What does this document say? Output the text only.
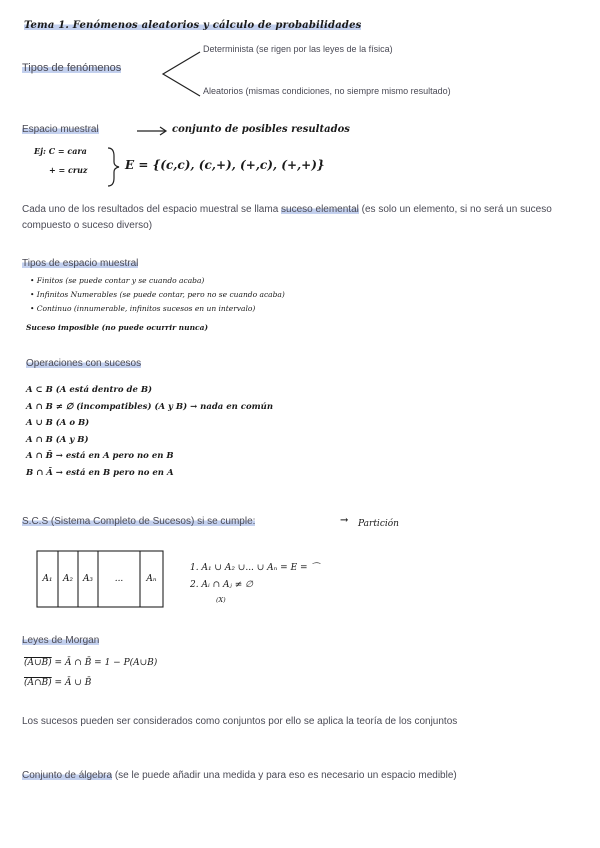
Tema 1. Fenómenos aleatorios y cálculo de probabilidades
Tipos de fenómenos
Determinista (se rigen por las leyes de la física)
Aleatorios (mismas condiciones, no siempre mismo resultado)
Espacio muestral	conjunto de posibles resultados
Ej: C = cara
+ = cruz	E = {(c,c), (c,+), (+,c), (+,+)}
Cada uno de los resultados del espacio muestral se llama suceso elemental (es solo un elemento, si no será un suceso compuesto o suceso diverso)
Tipos de espacio muestral
• Finitos (se puede contar y se cuando acaba)
• Infinitos Numerables (se puede contar, pero no se cuando acaba)
• Continuo (innumerable, infinitos sucesos en un intervalo)
Suceso imposible (no puede ocurrir nunca)
Operaciones con sucesos
A ⊂ B (A está dentro de B)
A ∩ B ≠ ∅ (incompatibles) (A y B) → nada en común
A ∪ B (A o B)
A ∩ B (A y B)
A ∩ B̄ → está en A pero no en B
B ∩ Ā → está en B pero no en A
S.C.S (Sistema Completo de Sucesos) si se cumple:	→ Partición
A₁	A₂	A₃	...	Aₙ
1. A₁ ∪ A₂ ∪... ∪ Aₙ = E = ⌒
2. Aᵢ ∩ Aⱼ ≠ ∅
(X)
Leyes de Morgan
(A∪B) = Ā ∩ B̄ = 1 − P(A∪B)
(A∩B) = Ā ∪ B̄
Los sucesos pueden ser considerados como conjuntos por ello se aplica la teoría de los conjuntos
Conjunto de álgebra (se le puede añadir una medida y para eso es necesario un espacio medible)
